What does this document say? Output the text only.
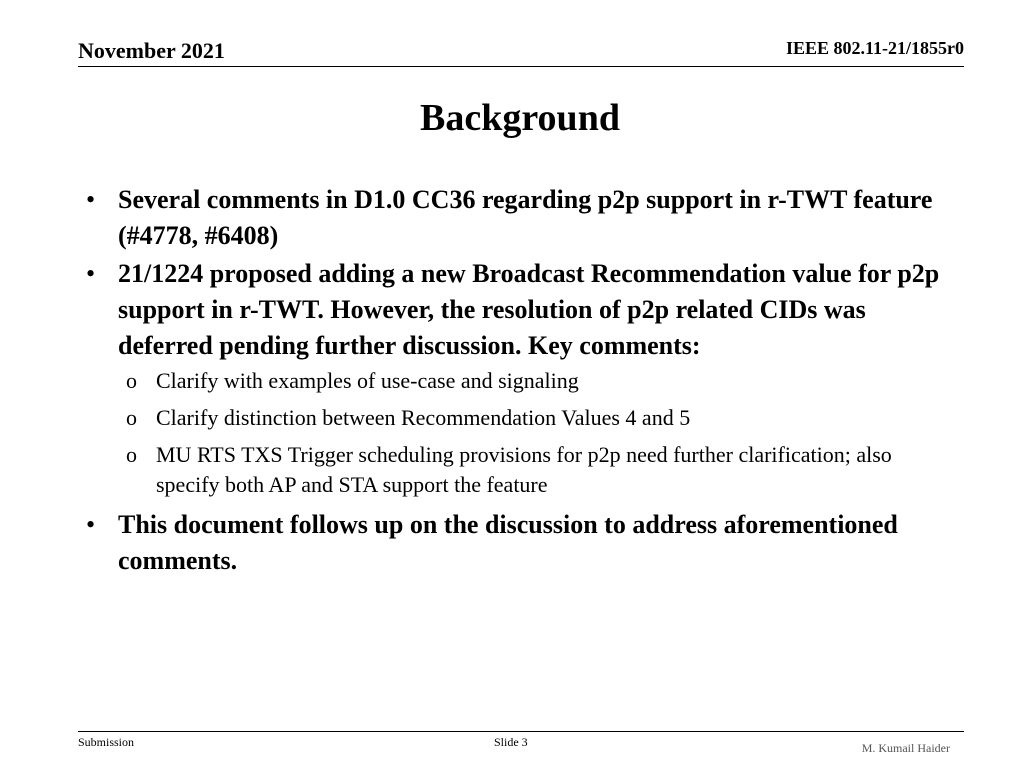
November 2021	IEEE 802.11-21/1855r0
Background
• Several comments in D1.0 CC36 regarding p2p support in r-TWT feature (#4778, #6408)
• 21/1224 proposed adding a new Broadcast Recommendation value for p2p support in r-TWT. However, the resolution of p2p related CIDs was deferred pending further discussion. Key comments:
o Clarify with examples of use-case and signaling
o Clarify distinction between Recommendation Values 4 and 5
o MU RTS TXS Trigger scheduling provisions for p2p need further clarification; also specify both AP and STA support the feature
• This document follows up on the discussion to address aforementioned comments.
Submission	Slide 3	M. Kumail Haider
